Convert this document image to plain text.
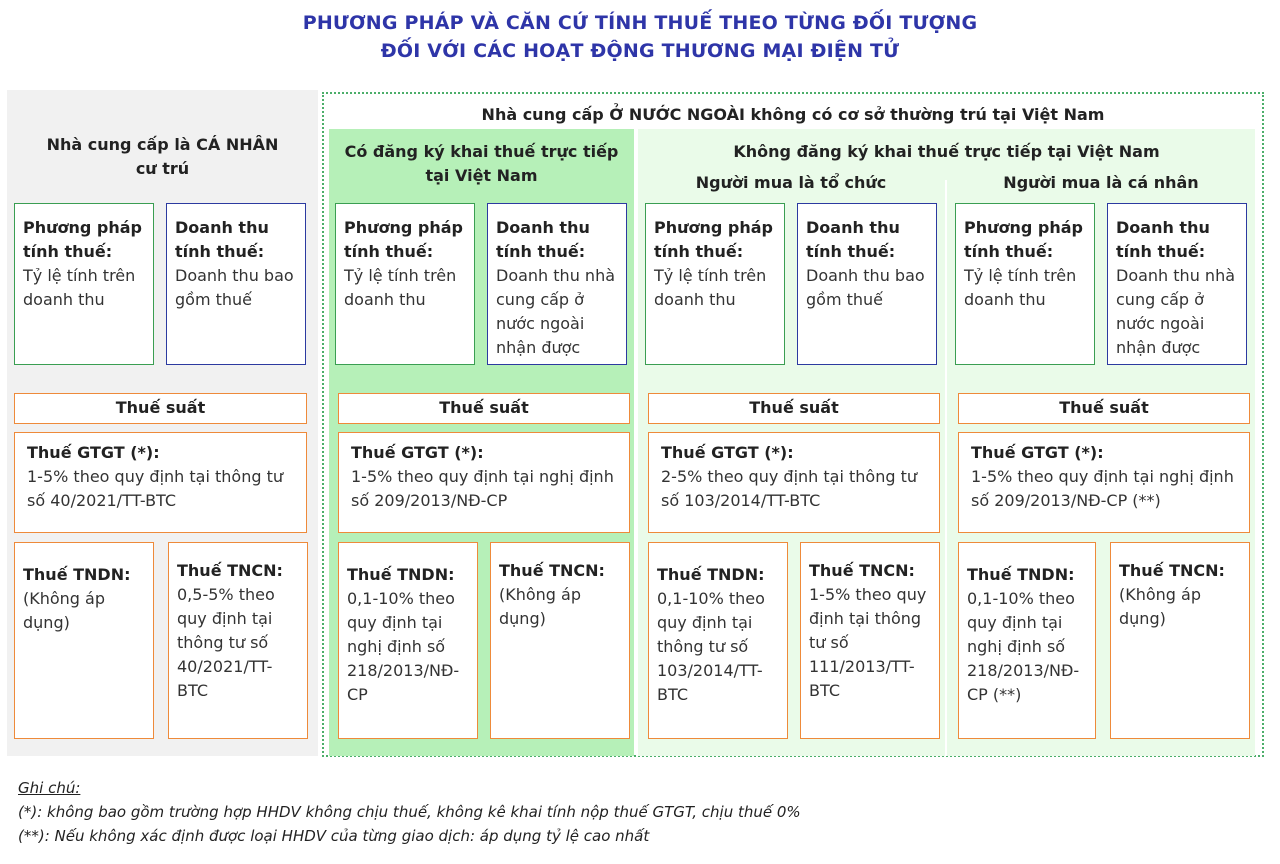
PHƯƠNG PHÁP VÀ CĂN CỨ TÍNH THUẾ THEO TỪNG ĐỐI TƯỢNG
ĐỐI VỚI CÁC HOẠT ĐỘNG THƯƠNG MẠI ĐIỆN TỬ
Nhà cung cấp Ở NƯỚC NGOÀI không có cơ sở thường trú tại Việt Nam
Nhà cung cấp là CÁ NHÂN cư trú
Có đăng ký khai thuế trực tiếp tại Việt Nam
Không đăng ký khai thuế trực tiếp tại Việt Nam
Người mua là tổ chức	Người mua là cá nhân
Phương pháp tính thuế:
Tỷ lệ tính trên doanh thu
Doanh thu tính thuế:
Doanh thu bao gồm thuế
Thuế suất
Thuế GTGT (*):
1-5% theo quy định tại thông tư số 40/2021/TT-BTC
Thuế TNDN:
(Không áp dụng)
Thuế TNCN:
0,5-5% theo quy định tại thông tư số 40/2021/TT-BTC
Phương pháp tính thuế:
Tỷ lệ tính trên doanh thu
Doanh thu tính thuế:
Doanh thu nhà cung cấp ở nước ngoài nhận được
Thuế suất
Thuế GTGT (*):
1-5% theo quy định tại nghị định số 209/2013/NĐ-CP
Thuế TNDN:
0,1-10% theo quy định tại nghị định số 218/2013/NĐ-CP
Thuế TNCN:
(Không áp dụng)
Phương pháp tính thuế:
Tỷ lệ tính trên doanh thu
Doanh thu tính thuế:
Doanh thu bao gồm thuế
Thuế suất
Thuế GTGT (*):
2-5% theo quy định tại thông tư số 103/2014/TT-BTC
Thuế TNDN:
0,1-10% theo quy định tại thông tư số 103/2014/TT-BTC
Thuế TNCN:
1-5% theo quy định tại thông tư số 111/2013/TT-BTC
Phương pháp tính thuế:
Tỷ lệ tính trên doanh thu
Doanh thu tính thuế:
Doanh thu nhà cung cấp ở nước ngoài nhận được
Thuế suất
Thuế GTGT (*):
1-5% theo quy định tại nghị định số 209/2013/NĐ-CP (**)
Thuế TNDN:
0,1-10% theo quy định tại nghị định số 218/2013/NĐ-CP (**)
Thuế TNCN:
(Không áp dụng)
Ghi chú:
(*): không bao gồm trường hợp HHDV không chịu thuế, không kê khai tính nộp thuế GTGT, chịu thuế 0%
(**): Nếu không xác định được loại HHDV của từng giao dịch: áp dụng tỷ lệ cao nhất
